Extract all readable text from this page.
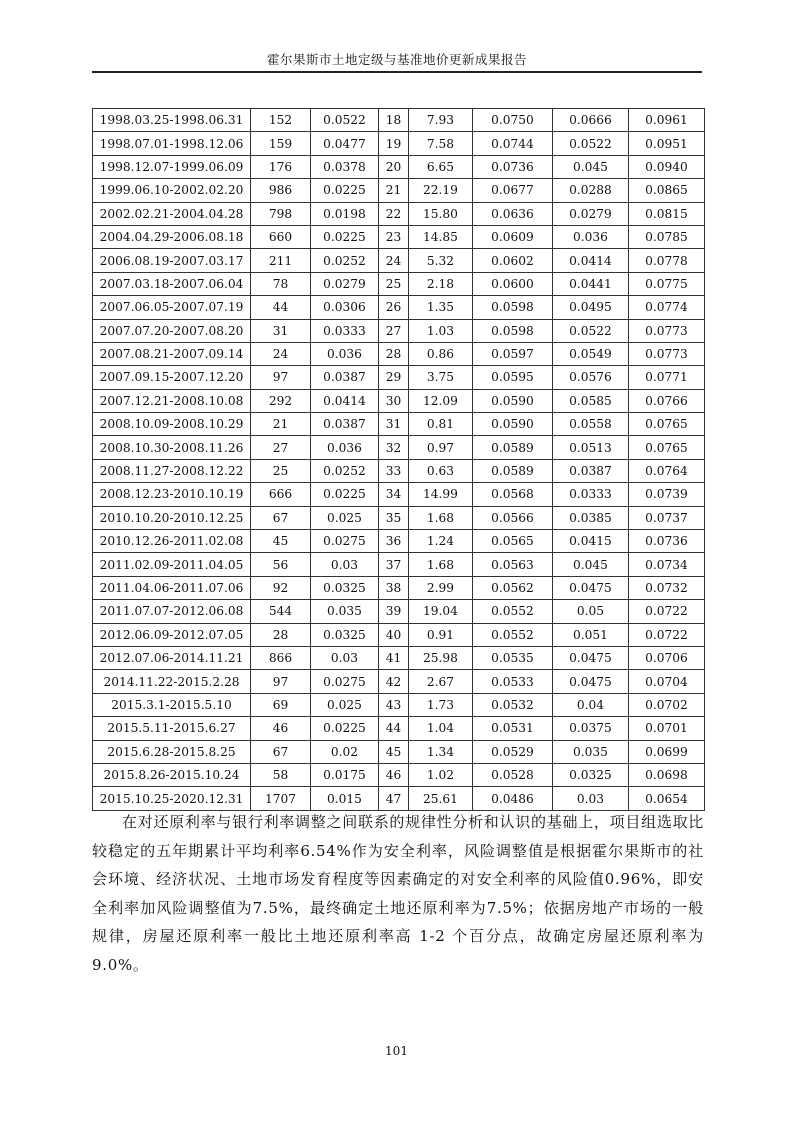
霍尔果斯市土地定级与基准地价更新成果报告
1998.03.25-1998.06.31	152	0.0522	18	7.93	0.0750	0.0666	0.0961
1998.07.01-1998.12.06	159	0.0477	19	7.58	0.0744	0.0522	0.0951
1998.12.07-1999.06.09	176	0.0378	20	6.65	0.0736	0.045	0.0940
1999.06.10-2002.02.20	986	0.0225	21	22.19	0.0677	0.0288	0.0865
2002.02.21-2004.04.28	798	0.0198	22	15.80	0.0636	0.0279	0.0815
2004.04.29-2006.08.18	660	0.0225	23	14.85	0.0609	0.036	0.0785
2006.08.19-2007.03.17	211	0.0252	24	5.32	0.0602	0.0414	0.0778
2007.03.18-2007.06.04	78	0.0279	25	2.18	0.0600	0.0441	0.0775
2007.06.05-2007.07.19	44	0.0306	26	1.35	0.0598	0.0495	0.0774
2007.07.20-2007.08.20	31	0.0333	27	1.03	0.0598	0.0522	0.0773
2007.08.21-2007.09.14	24	0.036	28	0.86	0.0597	0.0549	0.0773
2007.09.15-2007.12.20	97	0.0387	29	3.75	0.0595	0.0576	0.0771
2007.12.21-2008.10.08	292	0.0414	30	12.09	0.0590	0.0585	0.0766
2008.10.09-2008.10.29	21	0.0387	31	0.81	0.0590	0.0558	0.0765
2008.10.30-2008.11.26	27	0.036	32	0.97	0.0589	0.0513	0.0765
2008.11.27-2008.12.22	25	0.0252	33	0.63	0.0589	0.0387	0.0764
2008.12.23-2010.10.19	666	0.0225	34	14.99	0.0568	0.0333	0.0739
2010.10.20-2010.12.25	67	0.025	35	1.68	0.0566	0.0385	0.0737
2010.12.26-2011.02.08	45	0.0275	36	1.24	0.0565	0.0415	0.0736
2011.02.09-2011.04.05	56	0.03	37	1.68	0.0563	0.045	0.0734
2011.04.06-2011.07.06	92	0.0325	38	2.99	0.0562	0.0475	0.0732
2011.07.07-2012.06.08	544	0.035	39	19.04	0.0552	0.05	0.0722
2012.06.09-2012.07.05	28	0.0325	40	0.91	0.0552	0.051	0.0722
2012.07.06-2014.11.21	866	0.03	41	25.98	0.0535	0.0475	0.0706
2014.11.22-2015.2.28	97	0.0275	42	2.67	0.0533	0.0475	0.0704
2015.3.1-2015.5.10	69	0.025	43	1.73	0.0532	0.04	0.0702
2015.5.11-2015.6.27	46	0.0225	44	1.04	0.0531	0.0375	0.0701
2015.6.28-2015.8.25	67	0.02	45	1.34	0.0529	0.035	0.0699
2015.8.26-2015.10.24	58	0.0175	46	1.02	0.0528	0.0325	0.0698
2015.10.25-2020.12.31	1707	0.015	47	25.61	0.0486	0.03	0.0654

在对还原利率与银行利率调整之间联系的规律性分析和认识的基础上，项目组选取比较稳定的五年期累计平均利率6.54%作为安全利率，风险调整值是根据霍尔果斯市的社会环境、经济状况、土地市场发育程度等因素确定的对安全利率的风险值0.96%，即安全利率加风险调整值为7.5%，最终确定土地还原利率为7.5%；依据房地产市场的一般规律，房屋还原利率一般比土地还原利率高 1-2 个百分点，故确定房屋还原利率为9.0%。

101
